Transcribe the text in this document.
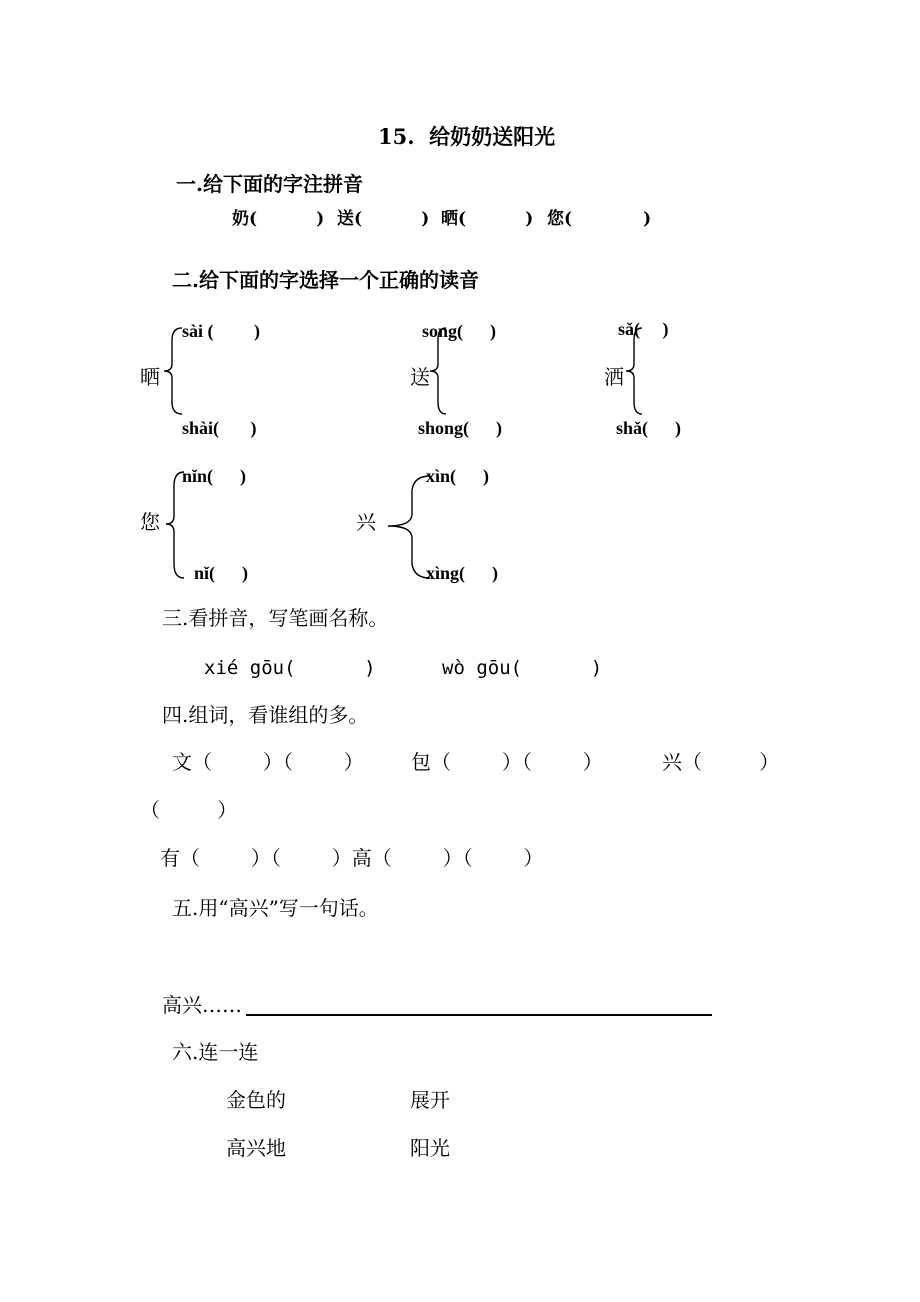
15.  给奶奶送阳光
一.给下面的字注拼音
奶(          ) 送(          ) 晒(          ) 您(            )
二.给下面的字选择一个正确的读音
晒
sài (         )
shài(       )
送
song(      )
shong(      )
洒
sǎ(     )
shǎ(      )
您
nǐn(      )
nǐ(      )
兴
xìn(      )
xìng(      )
三.看拼音，写笔画名称。
xié gōu(      )	wò gōu(      )
四.组词，看谁组的多。
文（        ）（        ） 包（        ）（        ）	兴（         ）
（         ）
有（        ）（        ）高（        ）（        ）
五.用“高兴”写一句话。
高兴……
六.连一连
金色的	展开
高兴地	阳光
